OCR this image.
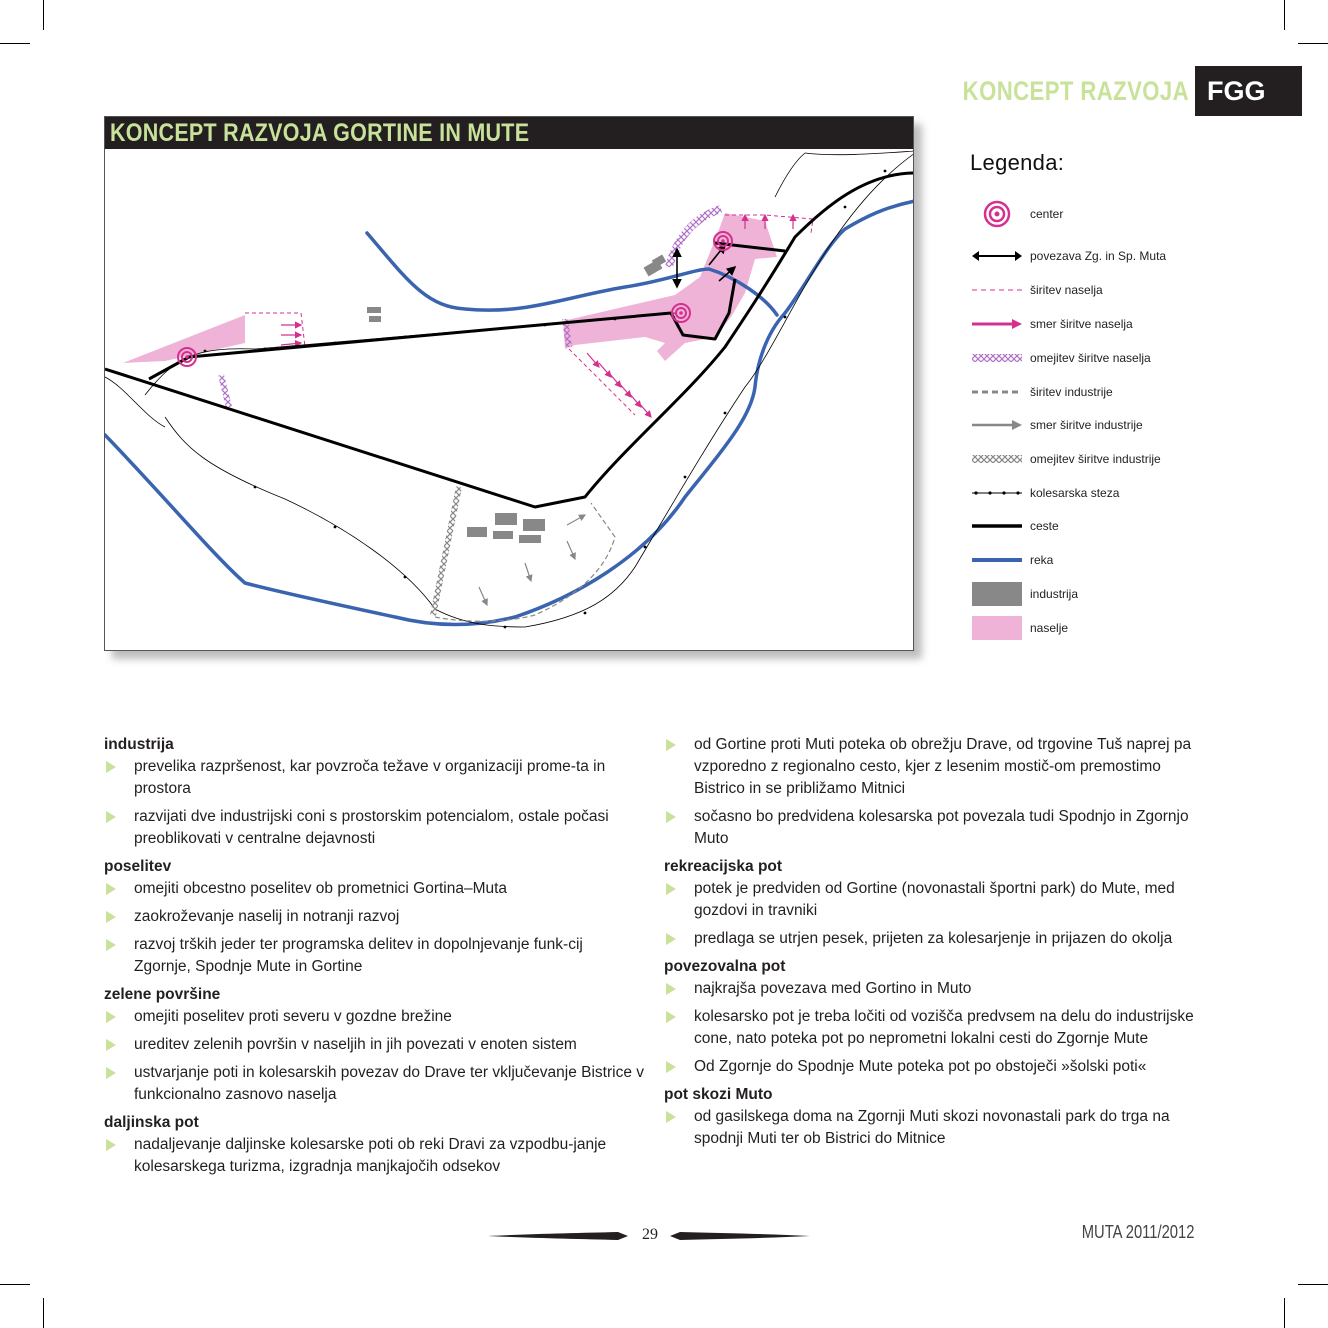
KONCEPT RAZVOJA FGG
KONCEPT RAZVOJA GORTINE IN MUTE
Legenda:
center
povezava Zg. in Sp. Muta
širitev naselja
smer širitve naselja
omejitev širitve naselja
širitev industrije
smer širitve industrije
omejitev širitve industrije
kolesarska steza
ceste
reka
industrija
naselje
industrija
prevelika razpršenost, kar povzroča težave v organizaciji prome-ta in prostora
razvijati dve industrijski coni s prostorskim potencialom, ostale počasi preoblikovati v centralne dejavnosti
poselitev
omejiti obcestno poselitev ob prometnici Gortina–Muta
zaokroževanje naselij in notranji razvoj
razvoj trških jeder ter programska delitev in dopolnjevanje funk-cij Zgornje, Spodnje Mute in Gortine
zelene površine
omejiti poselitev proti severu v gozdne brežine
ureditev zelenih površin v naseljih in jih povezati v enoten sistem
ustvarjanje poti in kolesarskih povezav do Drave ter vključevanje Bistrice v funkcionalno zasnovo naselja
daljinska pot
nadaljevanje daljinske kolesarske poti ob reki Dravi za vzpodbu-janje kolesarskega turizma, izgradnja manjkajočih odsekov
od Gortine proti Muti poteka ob obrežju Drave, od trgovine Tuš naprej pa vzporedno z regionalno cesto, kjer z lesenim mostič-om premostimo Bistrico in se približamo Mitnici
sočasno bo predvidena kolesarska pot povezala tudi Spodnjo in Zgornjo Muto
rekreacijska pot
potek je predviden od Gortine (novonastali športni park) do Mute, med gozdovi in travniki
predlaga se utrjen pesek, prijeten za kolesarjenje in prijazen do okolja
povezovalna pot
najkrajša povezava med Gortino in Muto
kolesarsko pot je treba ločiti od vozišča predvsem na delu do industrijske cone, nato poteka pot po neprometni lokalni cesti do Zgornje Mute
Od Zgornje do Spodnje Mute poteka pot po obstoječi »šolski poti«
pot skozi Muto
od gasilskega doma na Zgornji Muti skozi novonastali park do trga na spodnji Muti ter ob Bistrici do Mitnice
29	MUTA 2011/2012
